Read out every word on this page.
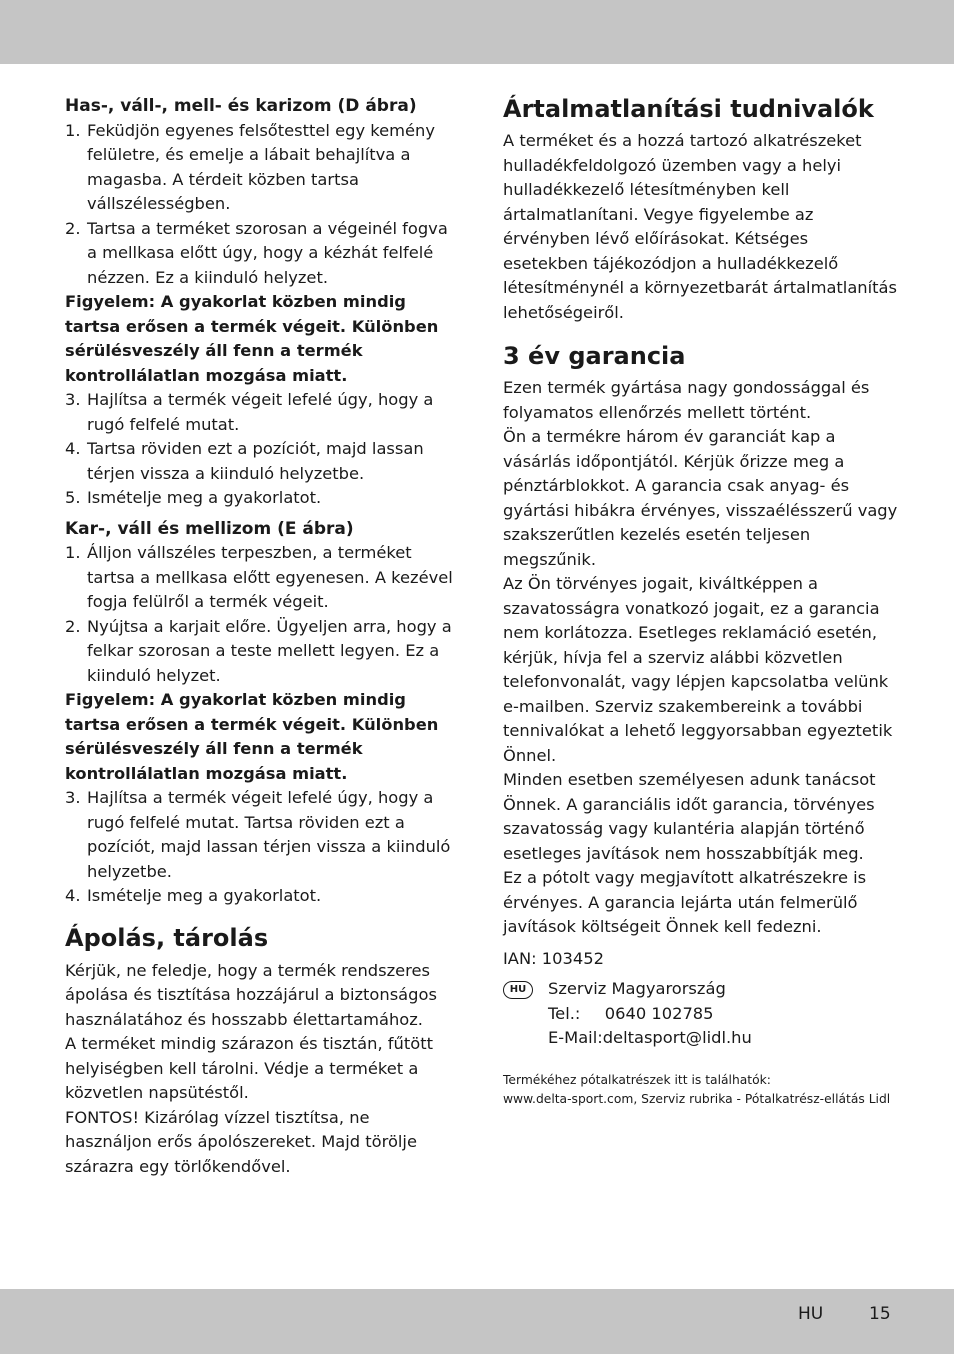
Has-, váll-, mell- és karizom (D ábra)

1. Feküdjön egyenes felsőtesttel egy kemény felületre, és emelje a lábait behajlítva a magasba. A térdeit közben tartsa vállszélességben.
2. Tartsa a terméket szorosan a végeinél fogva a mellkasa előtt úgy, hogy a kézhát felfelé nézzen. Ez a kiinduló helyzet.

Figyelem: A gyakorlat közben mindig tartsa erősen a termék végeit. Különben sérülésveszély áll fenn a termék kontrollálatlan mozgása miatt.

3. Hajlítsa a termék végeit lefelé úgy, hogy a rugó felfelé mutat.
4. Tartsa röviden ezt a pozíciót, majd lassan térjen vissza a kiinduló helyzetbe.
5. Ismételje meg a gyakorlatot.

Kar-, váll és mellizom (E ábra)

1. Álljon vállszéles terpeszben, a terméket tartsa a mellkasa előtt egyenesen. A kezével fogja felülről a termék végeit.
2. Nyújtsa a karjait előre. Ügyeljen arra, hogy a felkar szorosan a teste mellett legyen. Ez a kiinduló helyzet.

Figyelem: A gyakorlat közben mindig tartsa erősen a termék végeit. Különben sérülésveszély áll fenn a termék kontrollálatlan mozgása miatt.

3. Hajlítsa a termék végeit lefelé úgy, hogy a rugó felfelé mutat. Tartsa röviden ezt a pozíciót, majd lassan térjen vissza a kiinduló helyzetbe.
4. Ismételje meg a gyakorlatot.

Ápolás, tárolás

Kérjük, ne feledje, hogy a termék rendszeres ápolása és tisztítása hozzájárul a biztonságos használatához és hosszabb élettartamához.

A terméket mindig szárazon és tisztán, fűtött helyiségben kell tárolni. Védje a terméket a közvetlen napsütéstől.

FONTOS! Kizárólag vízzel tisztítsa, ne használjon erős ápolószereket. Majd törölje szárazra egy törlőkendővel.

Ártalmatlanítási tudnivalók

A terméket és a hozzá tartozó alkatrészeket hulladékfeldolgozó üzemben vagy a helyi hulladékkezelő létesítményben kell ártalmatlanítani. Vegye figyelembe az érvényben lévő előírásokat. Kétséges esetekben tájékozódjon a hulladékkezelő létesítménynél a környezetbarát ártalmatlanítás lehetőségeiről.

3 év garancia

Ezen termék gyártása nagy gondossággal és folyamatos ellenőrzés mellett történt.

Ön a termékre három év garanciát kap a vásárlás időpontjától. Kérjük őrizze meg a pénztárblokkot. A garancia csak anyag- és gyártási hibákra érvényes, visszaélésszerű vagy szakszerűtlen kezelés esetén teljesen megszűnik.

Az Ön törvényes jogait, kiváltképpen a szavatosságra vonatkozó jogait, ez a garancia nem korlátozza. Esetleges reklamáció esetén, kérjük, hívja fel a szerviz alábbi közvetlen telefonvonalát, vagy lépjen kapcsolatba velünk e-mailben. Szerviz szakembereink a további tennivalókat a lehető leggyorsabban egyeztetik Önnel.

Minden esetben személyesen adunk tanácsot Önnek. A garanciális időt garancia, törvényes szavatosság vagy kulantéria alapján történő esetleges javítások nem hosszabbítják meg.

Ez a pótolt vagy megjavított alkatrészekre is érvényes. A garancia lejárta után felmerülő javítások költségeit Önnek kell fedezni.

IAN: 103452

HU	Szerviz Magyarország
Tel.: 0640 102785
E-Mail:deltasport@lidl.hu
Termékéhez pótalkatrészek itt is találhatók:
www.delta-sport.com, Szerviz rubrika - Pótalkatrész-ellátás Lidl
HU	15
